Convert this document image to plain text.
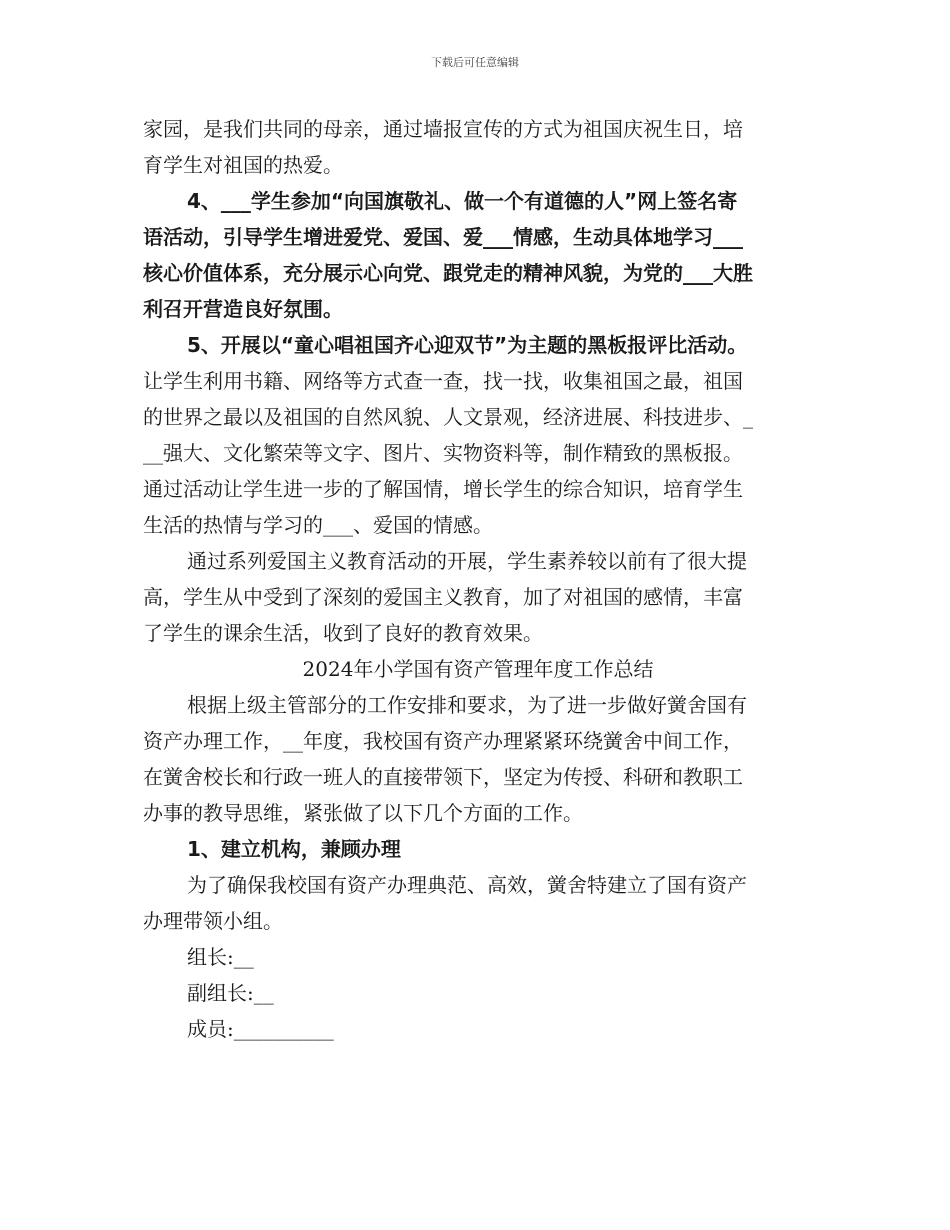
下载后可任意编辑
家园，是我们共同的母亲，通过墙报宣传的方式为祖国庆祝生日，培
育学生对祖国的热爱。
4、___学生参加“向国旗敬礼、做一个有道德的人”网上签名寄
语活动，引导学生增进爱党、爱国、爱___情感，生动具体地学习___
核心价值体系，充分展示心向党、跟党走的精神风貌，为党的___大胜
利召开营造良好氛围。
5、开展以“童心唱祖国齐心迎双节”为主题的黑板报评比活动。
让学生利用书籍、网络等方式查一查，找一找，收集祖国之最，祖国
的世界之最以及祖国的自然风貌、人文景观，经济进展、科技进步、_
__强大、文化繁荣等文字、图片、实物资料等，制作精致的黑板报。
通过活动让学生进一步的了解国情，增长学生的综合知识，培育学生
生活的热情与学习的___、爱国的情感。
通过系列爱国主义教育活动的开展，学生素养较以前有了很大提
高，学生从中受到了深刻的爱国主义教育，加了对祖国的感情，丰富
了学生的课余生活，收到了良好的教育效果。
2024年小学国有资产管理年度工作总结
根据上级主管部分的工作安排和要求，为了进一步做好黉舍国有
资产办理工作，__年度，我校国有资产办理紧紧环绕黉舍中间工作，
在黉舍校长和行政一班人的直接带领下，坚定为传授、科研和教职工
办事的教导思维，紧张做了以下几个方面的工作。
1、建立机构，兼顾办理
为了确保我校国有资产办理典范、高效，黉舍特建立了国有资产
办理带领小组。
组长:__
副组长:__
成员:__________
